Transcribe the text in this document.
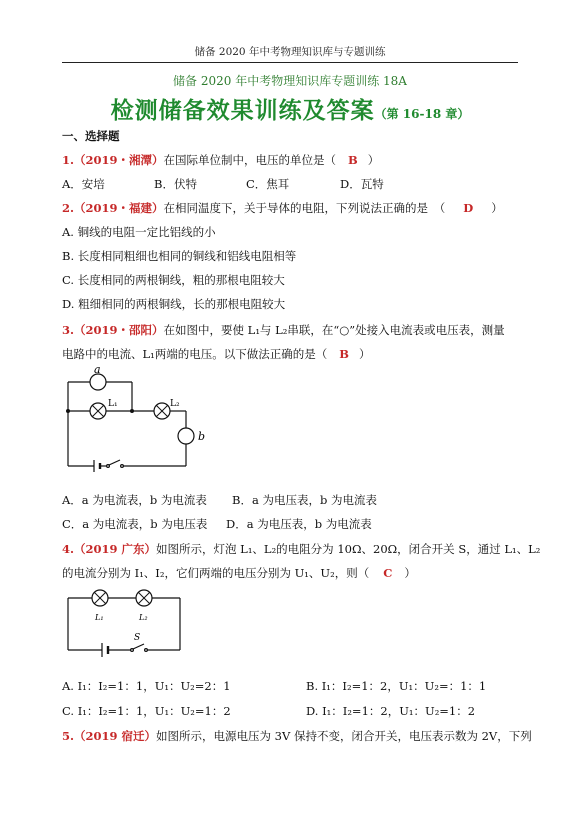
储备 2020 年中考物理知识库与专题训练
储备 2020 年中考物理知识库专题训练 18A
检测储备效果训练及答案（第 16-18 章）
一、选择题
1.（2019・湘潭）在国际单位制中，电压的单位是（ B ）
A．安培	B．伏特	C．焦耳	D．瓦特
2.（2019・福建）在相同温度下，关于导体的电阻，下列说法正确的是　（ D ）
A. 铜线的电阻一定比铝线的小
B. 长度相同粗细也相同的铜线和铝线电阻相等
C. 长度相同的两根铜线，粗的那根电阻较大
D. 粗细相同的两根铜线，长的那根电阻较大
3.（2019・邵阳）在如图中，要使 L₁与 L₂串联，在“○”处接入电流表或电压表，测量
电路中的电流、L₁两端的电压。以下做法正确的是（ B ）
a
L₁	L₂
b
A．a 为电流表，b 为电流表 B．a 为电压表，b 为电流表
C．a 为电流表，b 为电压表 D．a 为电压表，b 为电流表
4.（2019 广东）如图所示，灯泡 L₁、L₂的电阻分为 10Ω、20Ω，闭合开关 S，通过 L₁、L₂
的电流分别为 I₁、I₂，它们两端的电压分别为 U₁、U₂，则（ C ）
L₁	L₂
S
A. I₁：I₂=1：1，U₁：U₂=2：1	B. I₁：I₂=1：2，U₁：U₂=：1：1
C. I₁：I₂=1：1，U₁：U₂=1：2	D. I₁：I₂=1：2，U₁：U₂=1：2
5.（2019 宿迁）如图所示，电源电压为 3V 保持不变，闭合开关，电压表示数为 2V，下列
